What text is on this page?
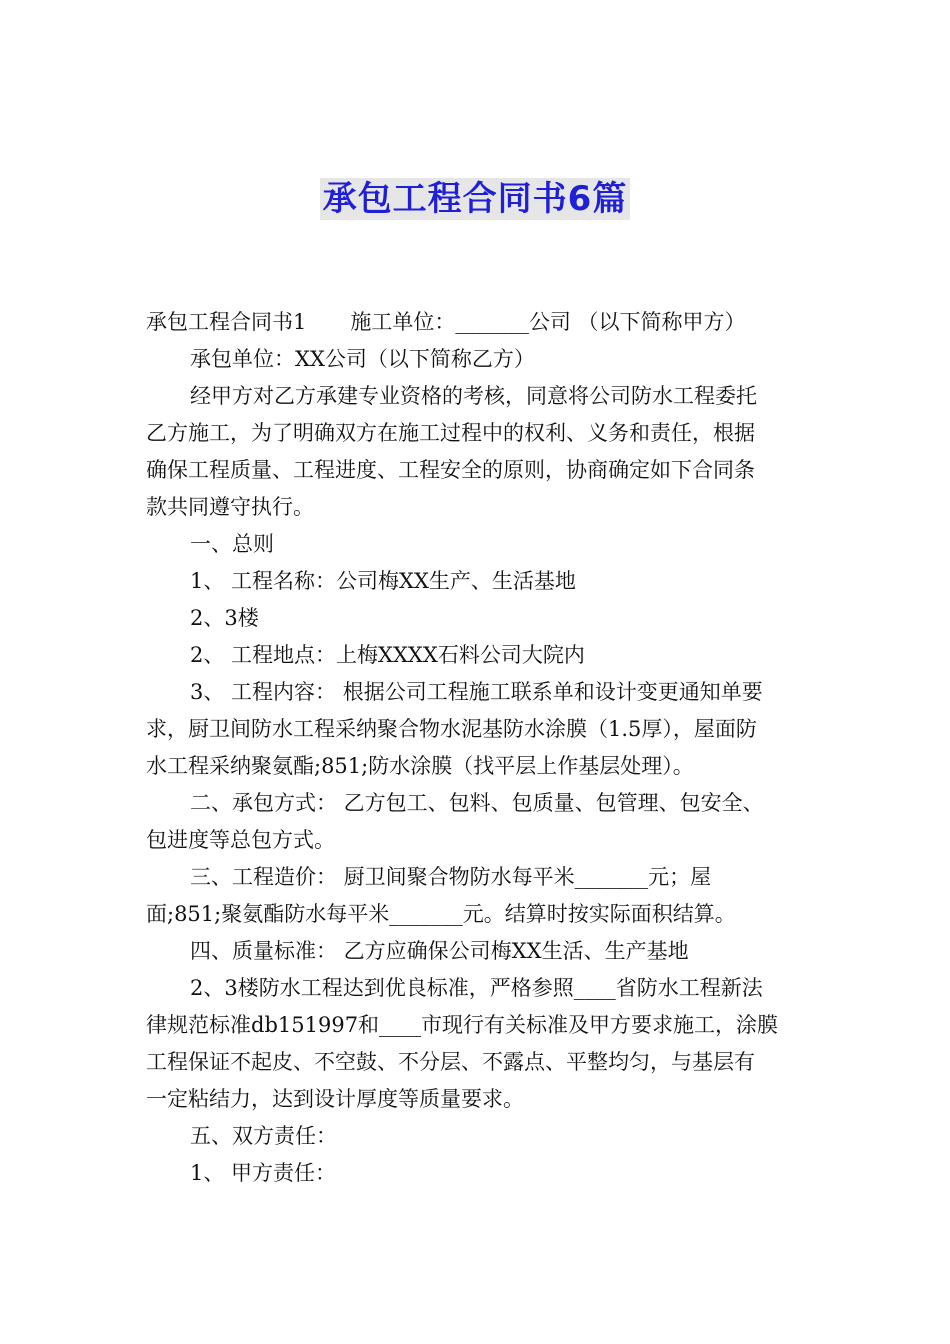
承包工程合同书6篇

承包工程合同书1 施工单位：_______公司 （以下简称甲方）

承包单位：XX公司（以下简称乙方）

经甲方对乙方承建专业资格的考核，同意将公司防水工程委托

乙方施工，为了明确双方在施工过程中的权利、义务和责任，根据

确保工程质量、工程进度、工程安全的原则，协商确定如下合同条

款共同遵守执行。

一、总则

1、 工程名称：公司梅XX生产、生活基地

2、3楼

2、 工程地点：上梅XXXX石料公司大院内

3、 工程内容： 根据公司工程施工联系单和设计变更通知单要

求，厨卫间防水工程采纳聚合物水泥基防水涂膜（1.5厚），屋面防

水工程采纳聚氨酯;851;防水涂膜（找平层上作基层处理）。

二、承包方式： 乙方包工、包料、包质量、包管理、包安全、

包进度等总包方式。

三、工程造价： 厨卫间聚合物防水每平米_______元；屋

面;851;聚氨酯防水每平米_______元。结算时按实际面积结算。

四、质量标准： 乙方应确保公司梅XX生活、生产基地

2、3楼防水工程达到优良标准，严格参照____省防水工程新法

律规范标准db151997和____市现行有关标准及甲方要求施工，涂膜

工程保证不起皮、不空鼓、不分层、不露点、平整均匀，与基层有

一定粘结力，达到设计厚度等质量要求。

五、双方责任：

1、 甲方责任：
